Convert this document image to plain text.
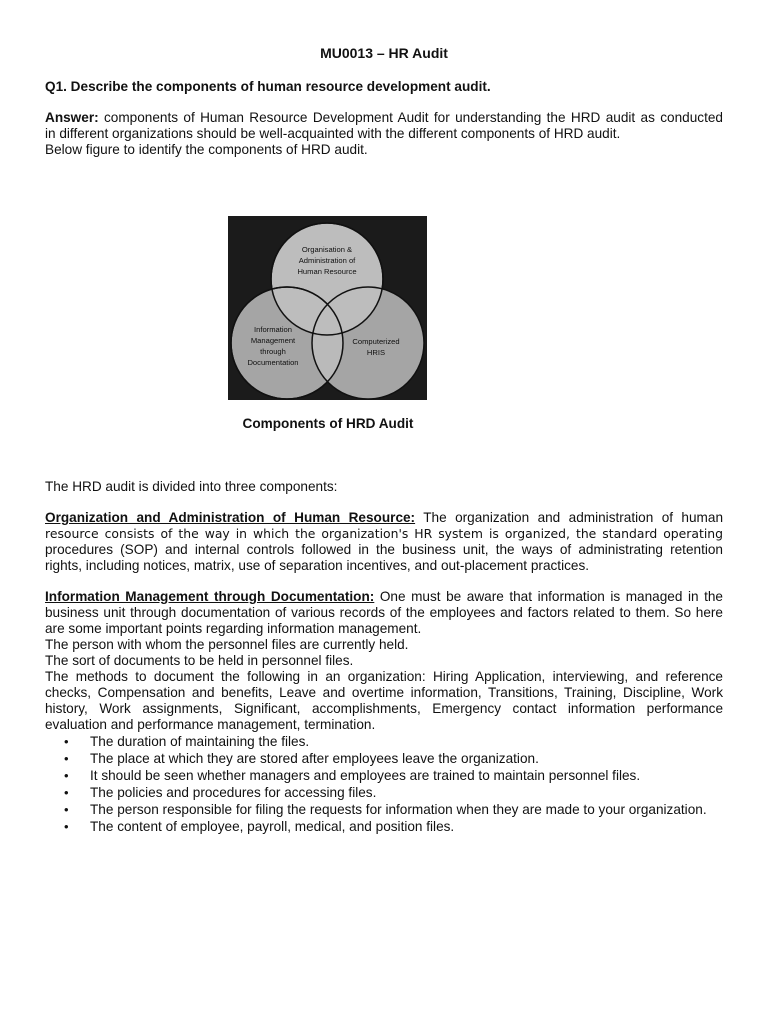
MU0013 – HR Audit
Q1. Describe the components of human resource development audit.
Answer: components of Human Resource Development Audit for understanding the HRD audit as conducted
in different organizations should be well-acquainted with the different components of HRD audit.
Below figure to identify the components of HRD audit.
Organisation &
Administration of
Human Resource
Information
Management
through
Documentation
Computerized
HRIS
Components of HRD Audit
The HRD audit is divided into three components:
Organization and Administration of Human Resource: The organization and administration of human
resource consists of the way in which the organization's HR system is organized, the standard operating
procedures (SOP) and internal controls followed in the business unit, the ways of administrating retention
rights, including notices, matrix, use of separation incentives, and out-placement practices.
Information Management through Documentation: One must be aware that information is managed in the
business unit through documentation of various records of the employees and factors related to them. So here
are some important points regarding information management.
The person with whom the personnel files are currently held.
The sort of documents to be held in personnel files.
The methods to document the following in an organization: Hiring Application, interviewing, and reference
checks, Compensation and benefits, Leave and overtime information, Transitions, Training, Discipline, Work
history, Work assignments, Significant, accomplishments, Emergency contact information performance
evaluation and performance management, termination.
• The duration of maintaining the files.
• The place at which they are stored after employees leave the organization.
• It should be seen whether managers and employees are trained to maintain personnel files.
• The policies and procedures for accessing files.
• The person responsible for filing the requests for information when they are made to your organization.
• The content of employee, payroll, medical, and position files.
